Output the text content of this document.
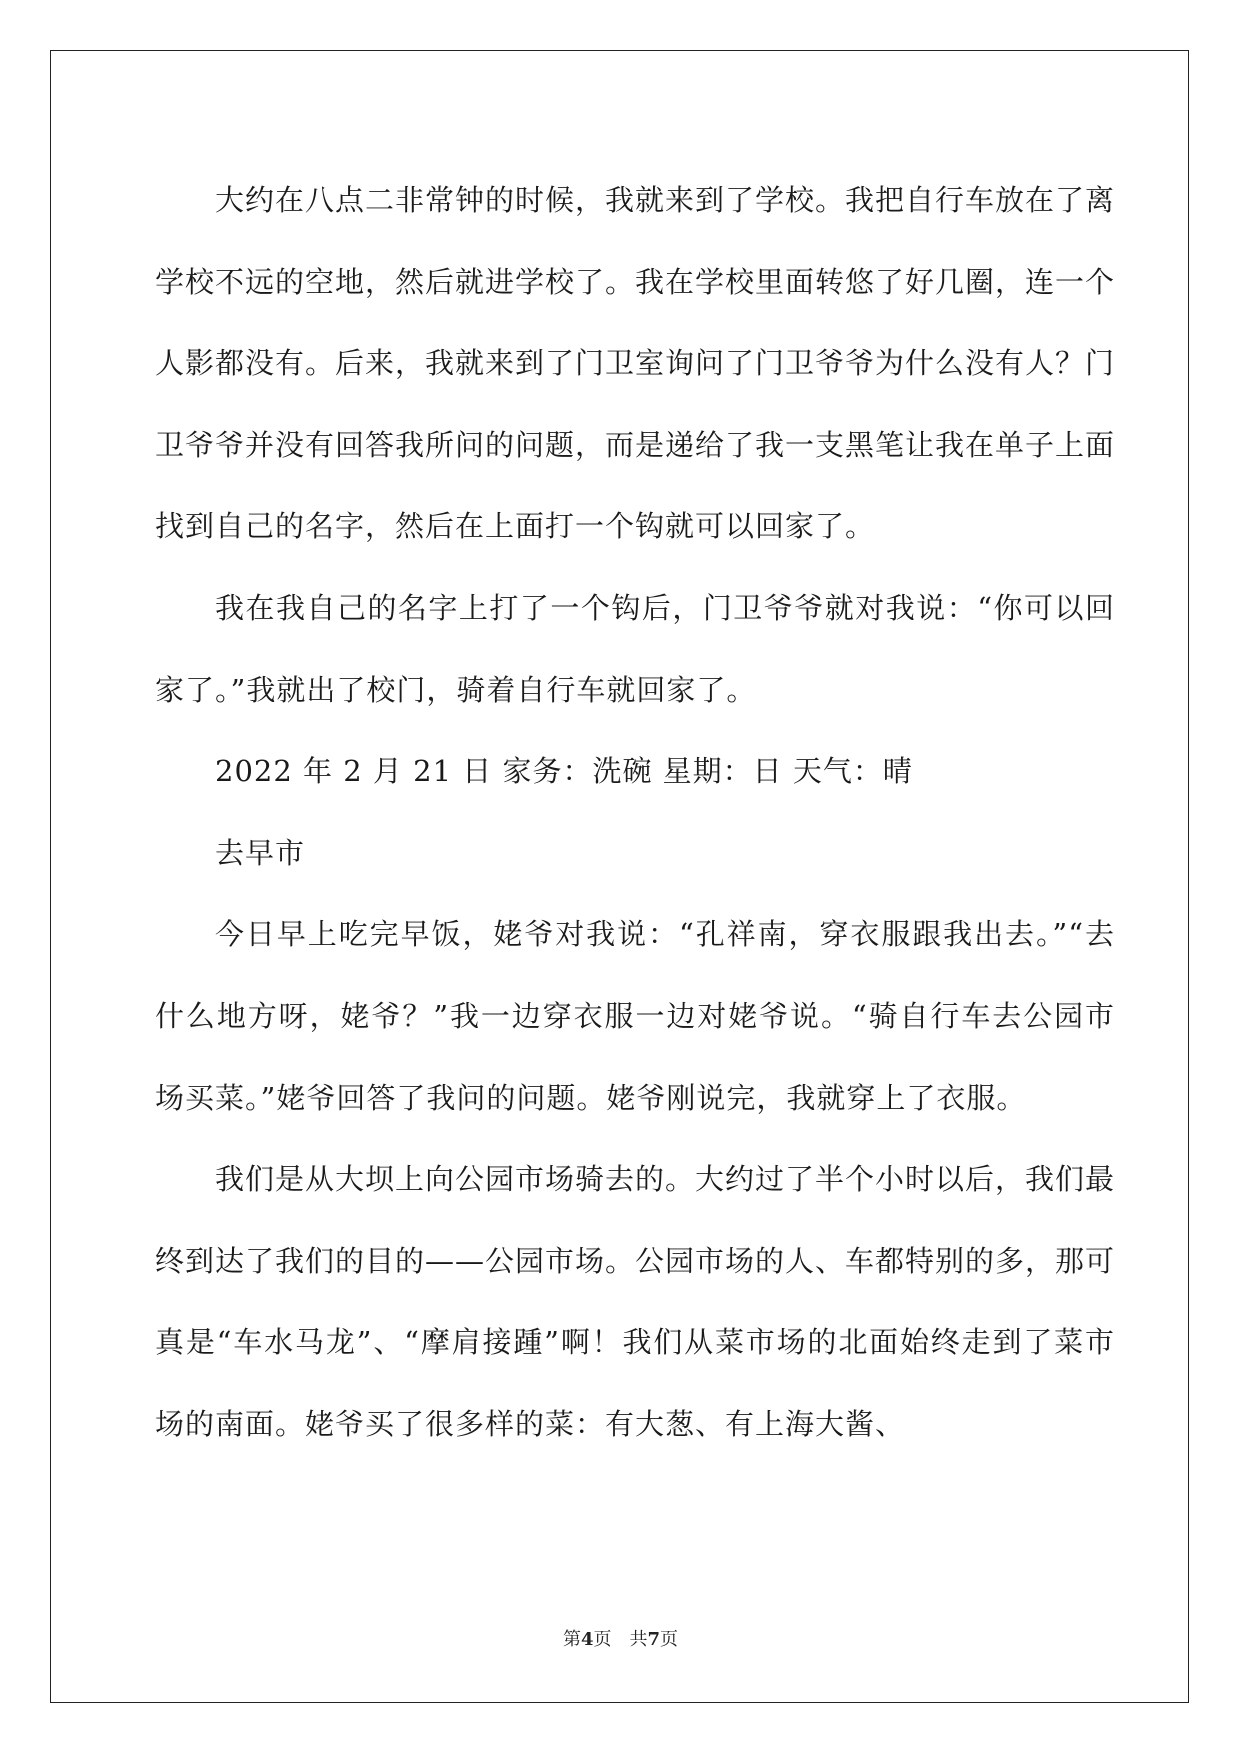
大约在八点二非常钟的时候，我就来到了学校。我把自行车放在了离学校不远的空地，然后就进学校了。我在学校里面转悠了好几圈，连一个人影都没有。后来，我就来到了门卫室询问了门卫爷爷为什么没有人？门卫爷爷并没有回答我所问的问题，而是递给了我一支黑笔让我在单子上面找到自己的名字，然后在上面打一个钩就可以回家了。

我在我自己的名字上打了一个钩后，门卫爷爷就对我说：“你可以回家了。”我就出了校门，骑着自行车就回家了。

2022 年 2 月 21 日 家务：洗碗 星期：日 天气：晴

去早市

今日早上吃完早饭，姥爷对我说：“孔祥南，穿衣服跟我出去。”“去什么地方呀，姥爷？”我一边穿衣服一边对姥爷说。“骑自行车去公园市场买菜。”姥爷回答了我问的问题。姥爷刚说完，我就穿上了衣服。

我们是从大坝上向公园市场骑去的。大约过了半个小时以后，我们最终到达了我们的目的——公园市场。公园市场的人、车都特别的多，那可真是“车水马龙”、“摩肩接踵”啊！我们从菜市场的北面始终走到了菜市场的南面。姥爷买了很多样的菜：有大葱、有上海大酱、

第4页 共7页
